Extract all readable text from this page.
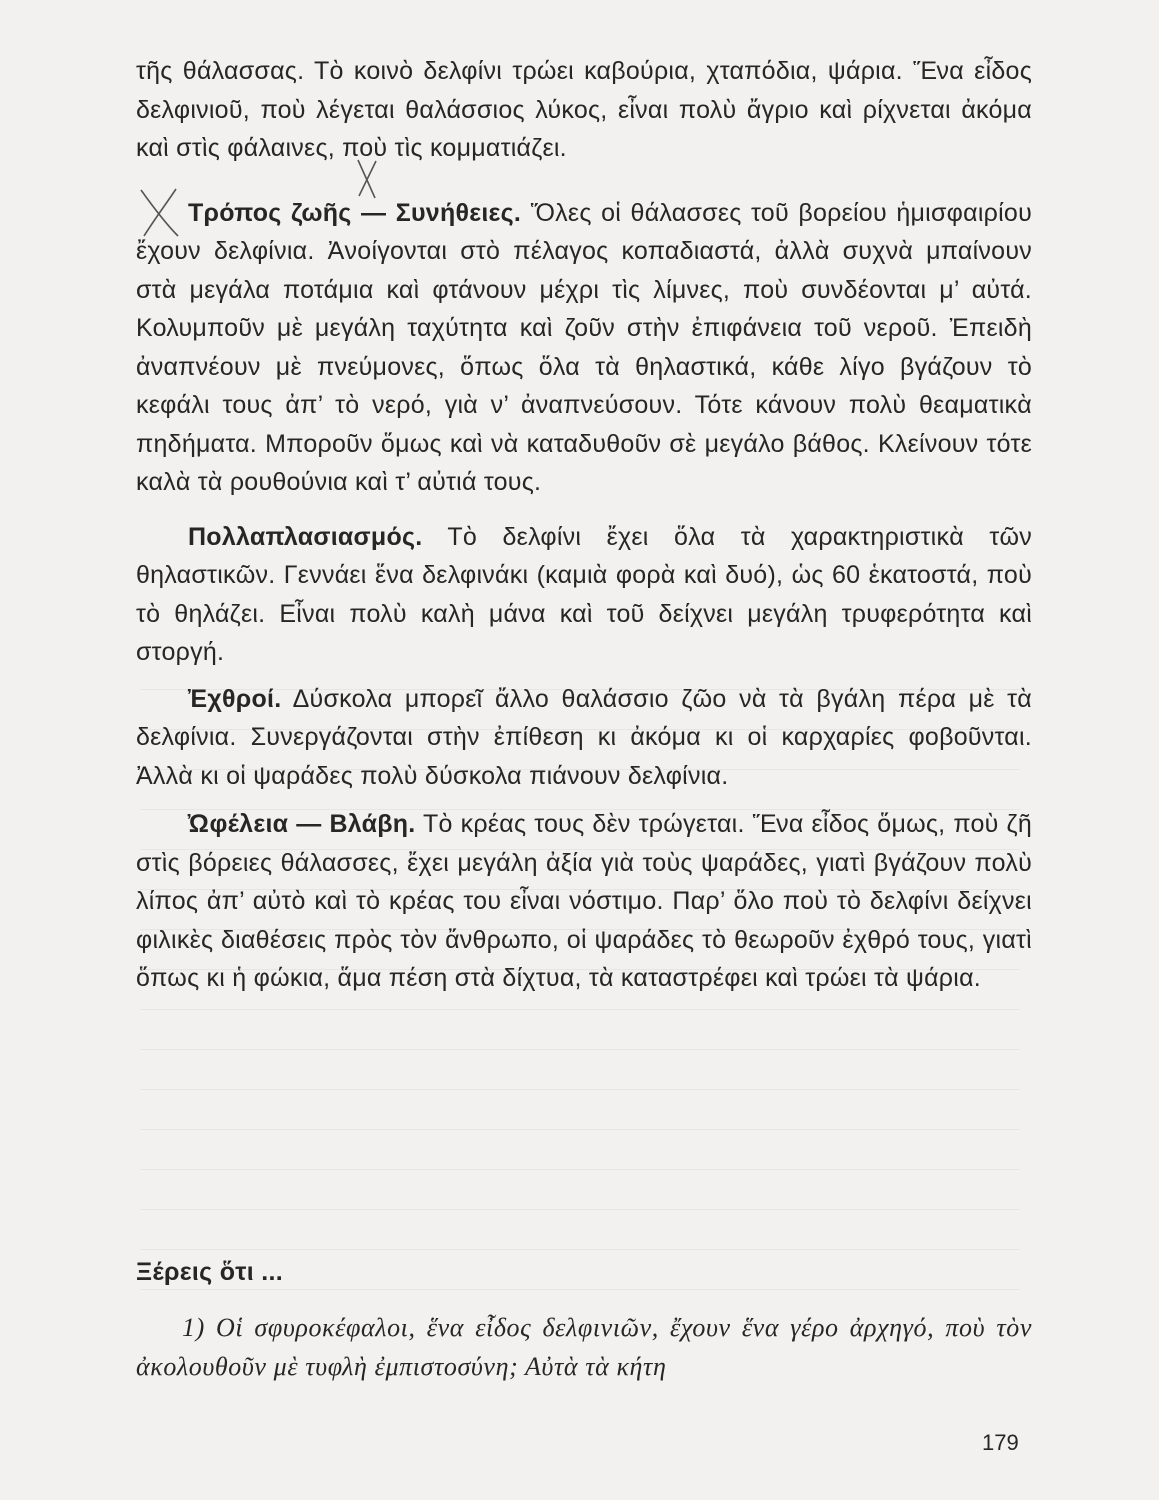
τῆς θάλασσας. Τὸ κοινὸ δελφίνι τρώει καβούρια, χταπόδια, ψάρια. Ἕνα εἶδος δελφινιοῦ, ποὺ λέγεται θαλάσσιος λύκος, εἶναι πολὺ ἄγριο καὶ ρίχνεται ἀκόμα καὶ στὶς φάλαινες, ποὺ τὶς κομματιάζει.

Τρόπος ζωῆς — Συνήθειες. Ὅλες οἱ θάλασσες τοῦ βορείου ἡμισφαιρίου ἔχουν δελφίνια. Ἀνοίγονται στὸ πέλαγος κοπαδιαστά, ἀλλὰ συχνὰ μπαίνουν στὰ μεγάλα ποτάμια καὶ φτάνουν μέχρι τὶς λίμνες, ποὺ συνδέονται μ’ αὐτά. Κολυμποῦν μὲ μεγάλη ταχύτητα καὶ ζοῦν στὴν ἐπιφάνεια τοῦ νεροῦ. Ἐπειδὴ ἀναπνέουν μὲ πνεύμονες, ὅπως ὅλα τὰ θηλαστικά, κάθε λίγο βγάζουν τὸ κεφάλι τους ἀπ’ τὸ νερό, γιὰ ν’ ἀναπνεύσουν. Τότε κάνουν πολὺ θεαματικὰ πηδήματα. Μποροῦν ὅμως καὶ νὰ καταδυθοῦν σὲ μεγάλο βάθος. Κλείνουν τότε καλὰ τὰ ρουθούνια καὶ τ’ αὐτιά τους.

Πολλαπλασιασμός. Τὸ δελφίνι ἔχει ὅλα τὰ χαρακτηριστικὰ τῶν θηλαστικῶν. Γεννάει ἕνα δελφινάκι (καμιὰ φορὰ καὶ δυό), ὡς 60 ἑκατοστά, ποὺ τὸ θηλάζει. Εἶναι πολὺ καλὴ μάνα καὶ τοῦ δείχνει μεγάλη τρυφερότητα καὶ στοργή.

Ἐχθροί. Δύσκολα μπορεῖ ἄλλο θαλάσσιο ζῶο νὰ τὰ βγάλη πέρα μὲ τὰ δελφίνια. Συνεργάζονται στὴν ἐπίθεση κι ἀκόμα κι οἱ καρχαρίες φοβοῦνται. Ἀλλὰ κι οἱ ψαράδες πολὺ δύσκολα πιάνουν δελφίνια.

Ὠφέλεια — Βλάβη. Τὸ κρέας τους δὲν τρώγεται. Ἕνα εἶδος ὅμως, ποὺ ζῆ στὶς βόρειες θάλασσες, ἔχει μεγάλη ἀξία γιὰ τοὺς ψαράδες, γιατὶ βγάζουν πολὺ λίπος ἀπ’ αὐτὸ καὶ τὸ κρέας του εἶναι νόστιμο. Παρ’ ὅλο ποὺ τὸ δελφίνι δείχνει φιλικὲς διαθέσεις πρὸς τὸν ἄνθρωπο, οἱ ψαράδες τὸ θεωροῦν ἐχθρό τους, γιατὶ ὅπως κι ἡ φώκια, ἅμα πέση στὰ δίχτυα, τὰ καταστρέφει καὶ τρώει τὰ ψάρια.

Ξέρεις ὅτι ...

1) Οἱ σφυροκέφαλοι, ἕνα εἶδος δελφινιῶν, ἔχουν ἕνα γέρο ἀρχηγό, ποὺ τὸν ἀκολουθοῦν μὲ τυφλὴ ἐμπιστοσύνη; Αὐτὰ τὰ κήτη

179
